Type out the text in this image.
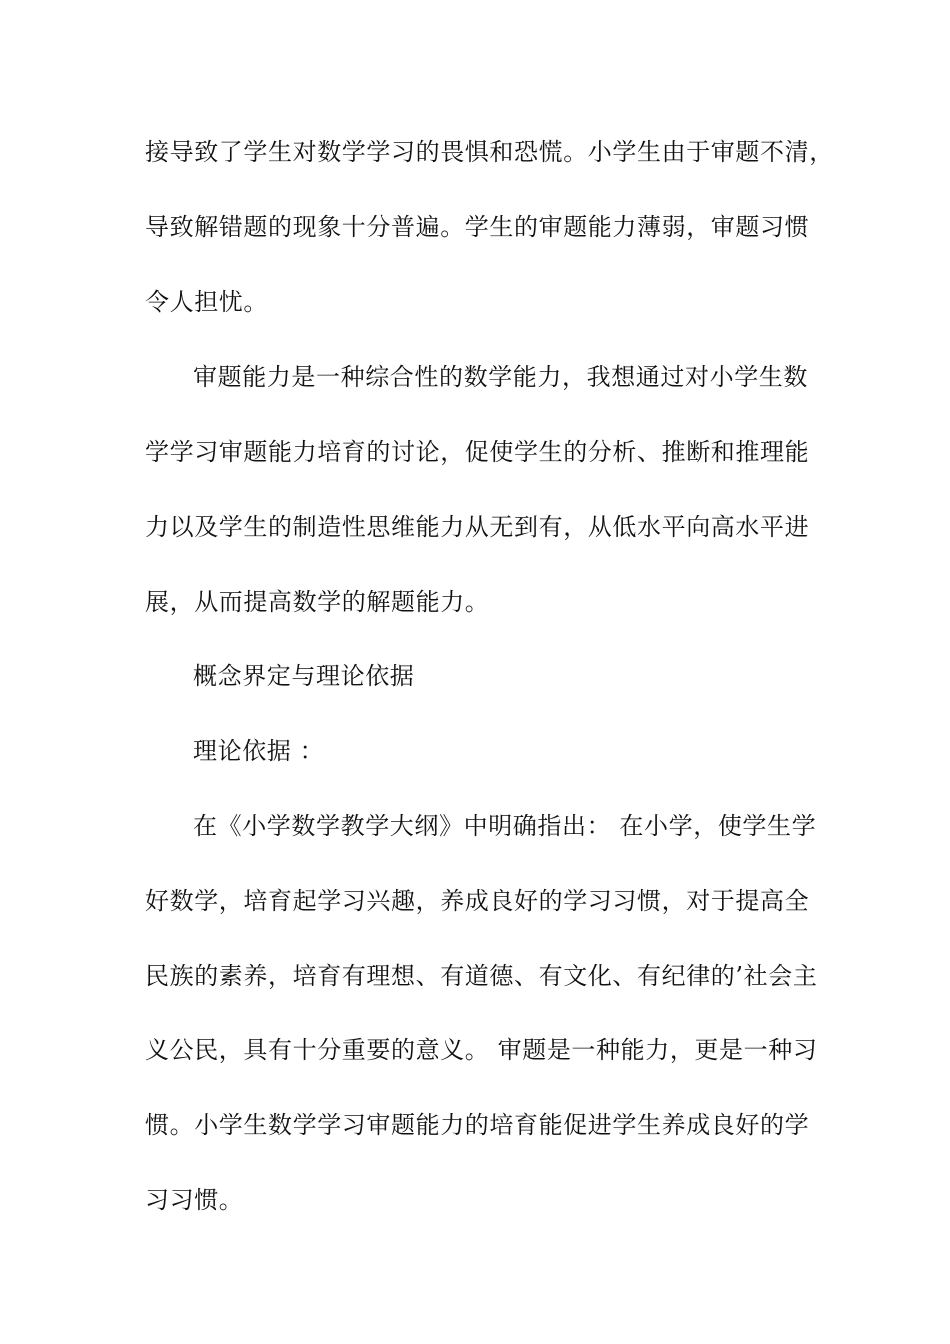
接导致了学生对数学学习的畏惧和恐慌。小学生由于审题不清，
导致解错题的现象十分普遍。学生的审题能力薄弱，审题习惯
令人担忧。
审题能力是一种综合性的数学能力，我想通过对小学生数
学学习审题能力培育的讨论，促使学生的分析、推断和推理能
力以及学生的制造性思维能力从无到有，从低水平向高水平进
展，从而提高数学的解题能力。
概念界定与理论依据
理论依据 ：
在《小学数学教学大纲》中明确指出： 在小学，使学生学
好数学，培育起学习兴趣，养成良好的学习习惯，对于提高全
民族的素养，培育有理想、有道德、有文化、有纪律的’社会主
义公民，具有十分重要的意义。 审题是一种能力，更是一种习
惯。小学生数学学习审题能力的培育能促进学生养成良好的学
习习惯。
